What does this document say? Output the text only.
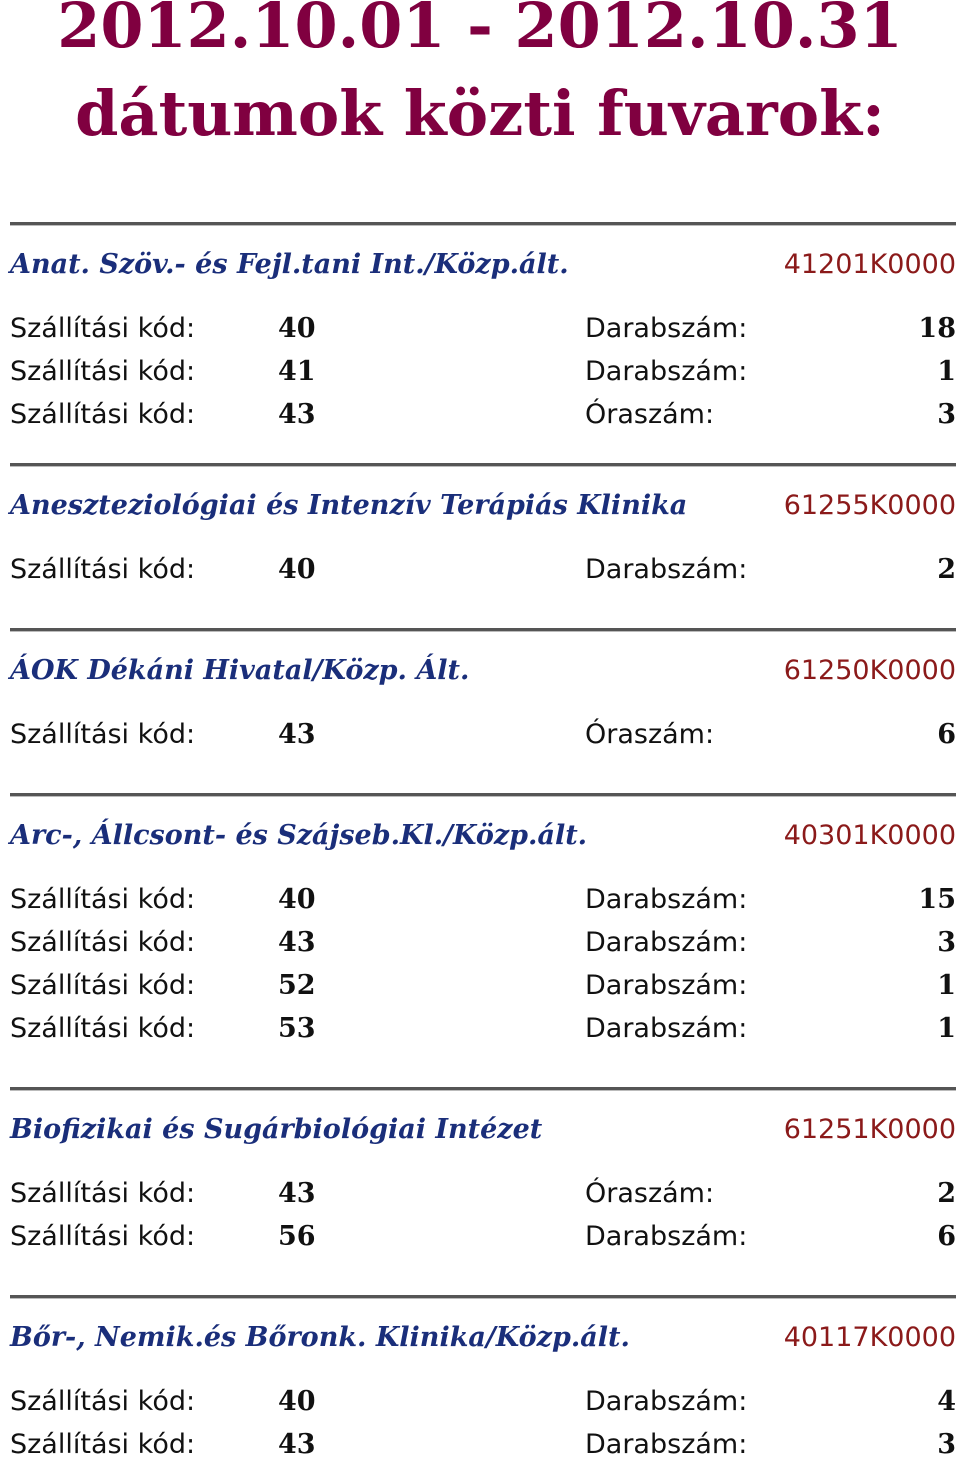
2012.10.01 - 2012.10.31
dátumok közti fuvarok:
Anat. Szöv.- és Fejl.tani Int./Közp.ált.	41201K0000
Szállítási kód:	40	Darabszám:	18
Szállítási kód:	41	Darabszám:	1
Szállítási kód:	43	Óraszám:	3
Aneszteziológiai és Intenzív Terápiás Klinika	61255K0000
Szállítási kód:	40	Darabszám:	2
ÁOK Dékáni Hivatal/Közp. Ált.	61250K0000
Szállítási kód:	43	Óraszám:	6
Arc-, Állcsont- és Szájseb.Kl./Közp.ált.	40301K0000
Szállítási kód:	40	Darabszám:	15
Szállítási kód:	43	Darabszám:	3
Szállítási kód:	52	Darabszám:	1
Szállítási kód:	53	Darabszám:	1
Biofizikai és Sugárbiológiai Intézet	61251K0000
Szállítási kód:	43	Óraszám:	2
Szállítási kód:	56	Darabszám:	6
Bőr-, Nemik.és Bőronk. Klinika/Közp.ált.	40117K0000
Szállítási kód:	40	Darabszám:	4
Szállítási kód:	43	Darabszám:	3
